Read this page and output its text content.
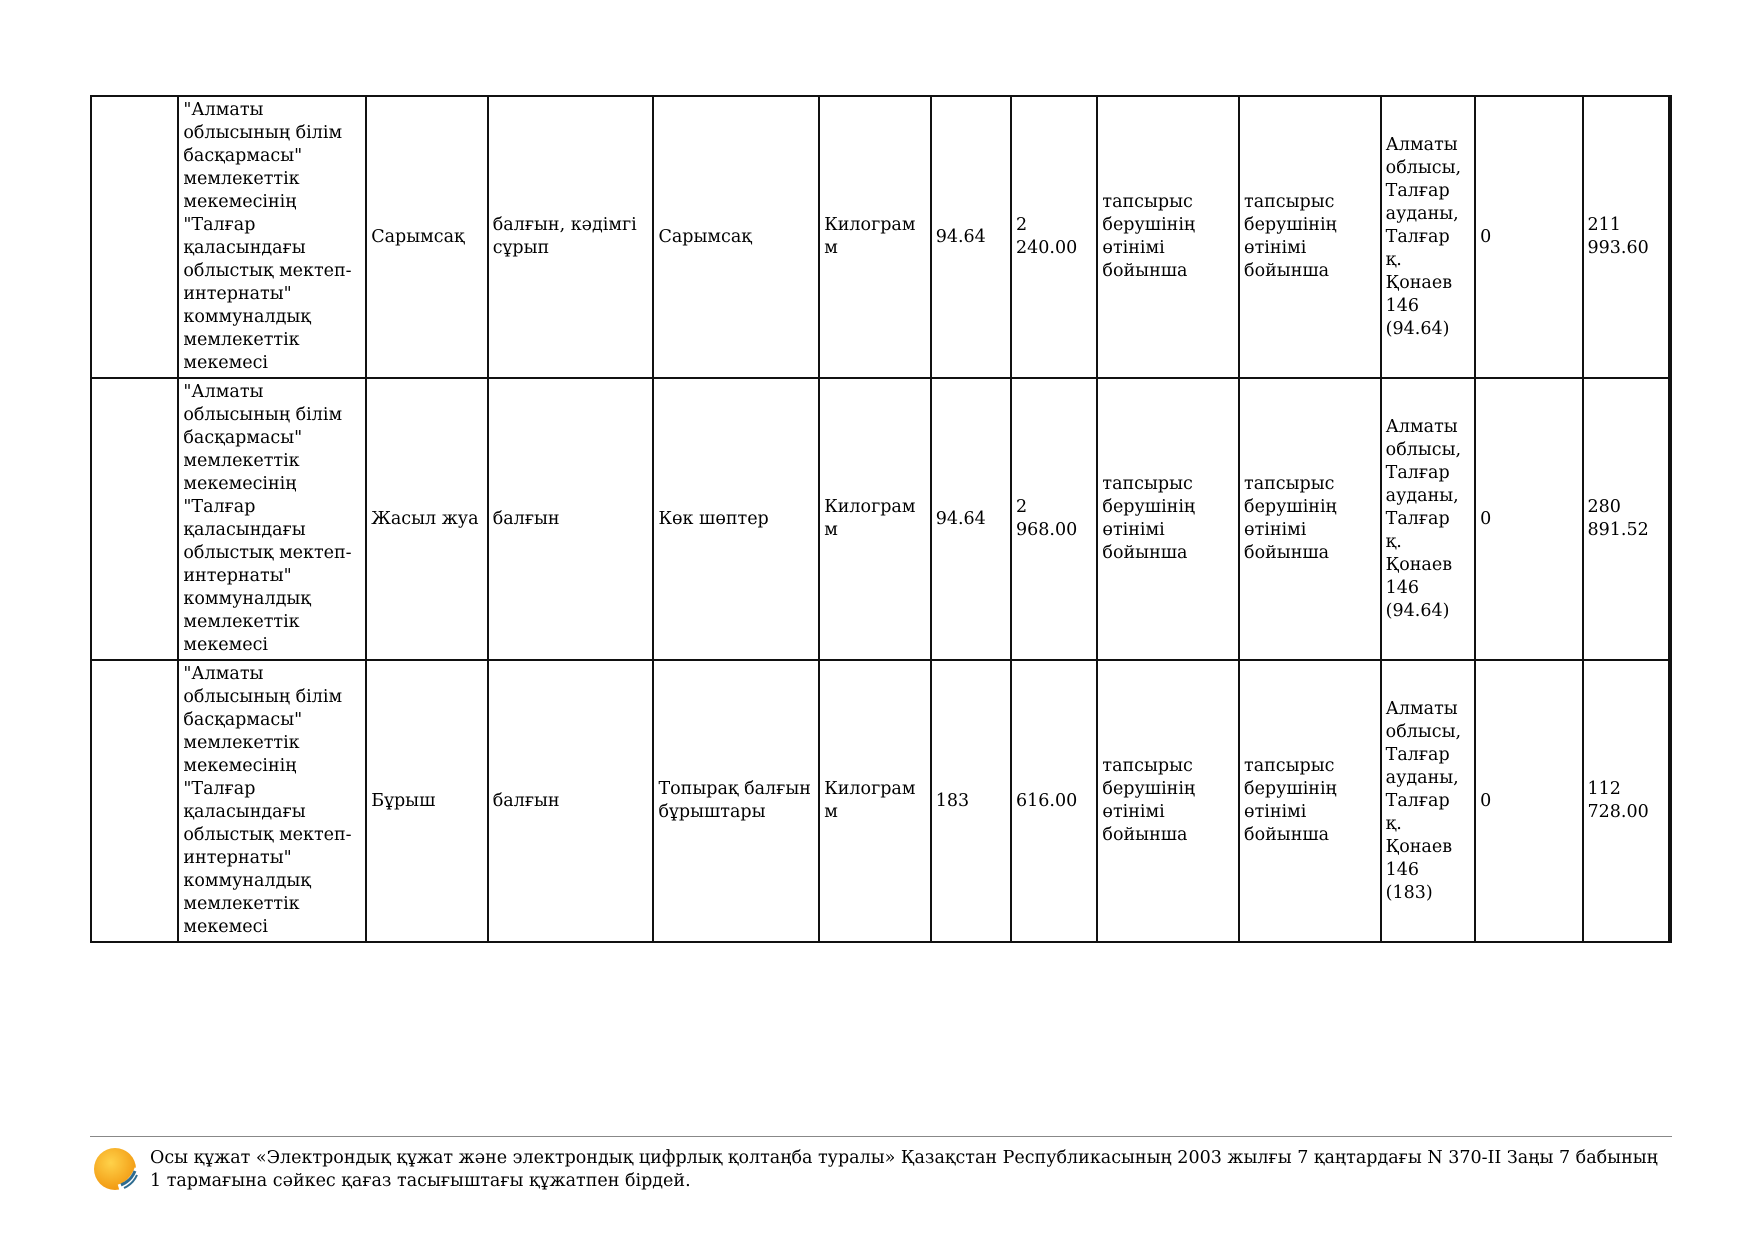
	"Алматы облысының білім басқармасы" мемлекеттік мекемесінің "Талғар қаласындағы облыстық мектеп-интернаты" коммуналдық мемлекеттік мекемесі	Сарымсақ	балғын, кәдімгі сұрып	Сарымсақ	Килограмм	94.64	2 240.00	тапсырыс берушінің өтінімі бойынша	тапсырыс берушінің өтінімі бойынша	Алматы облысы, Талғар ауданы, Талғар қ. Қонаев 146 (94.64)	0	211 993.60
	"Алматы облысының білім басқармасы" мемлекеттік мекемесінің "Талғар қаласындағы облыстық мектеп-интернаты" коммуналдық мемлекеттік мекемесі	Жасыл жуа	балғын	Көк шөптер	Килограмм	94.64	2 968.00	тапсырыс берушінің өтінімі бойынша	тапсырыс берушінің өтінімі бойынша	Алматы облысы, Талғар ауданы, Талғар қ. Қонаев 146 (94.64)	0	280 891.52
	"Алматы облысының білім басқармасы" мемлекеттік мекемесінің "Талғар қаласындағы облыстық мектеп-интернаты" коммуналдық мемлекеттік мекемесі	Бұрыш	балғын	Топырақ балғын бұрыштары	Килограмм	183	616.00	тапсырыс берушінің өтінімі бойынша	тапсырыс берушінің өтінімі бойынша	Алматы облысы, Талғар ауданы, Талғар қ. Қонаев 146 (183)	0	112 728.00
Осы құжат «Электрондық құжат және электрондық цифрлық қолтаңба туралы» Қазақстан Республикасының 2003 жылғы 7 қаңтардағы N 370-II Заңы 7 бабының 1 тармағына сәйкес қағаз тасығыштағы құжатпен бірдей.
